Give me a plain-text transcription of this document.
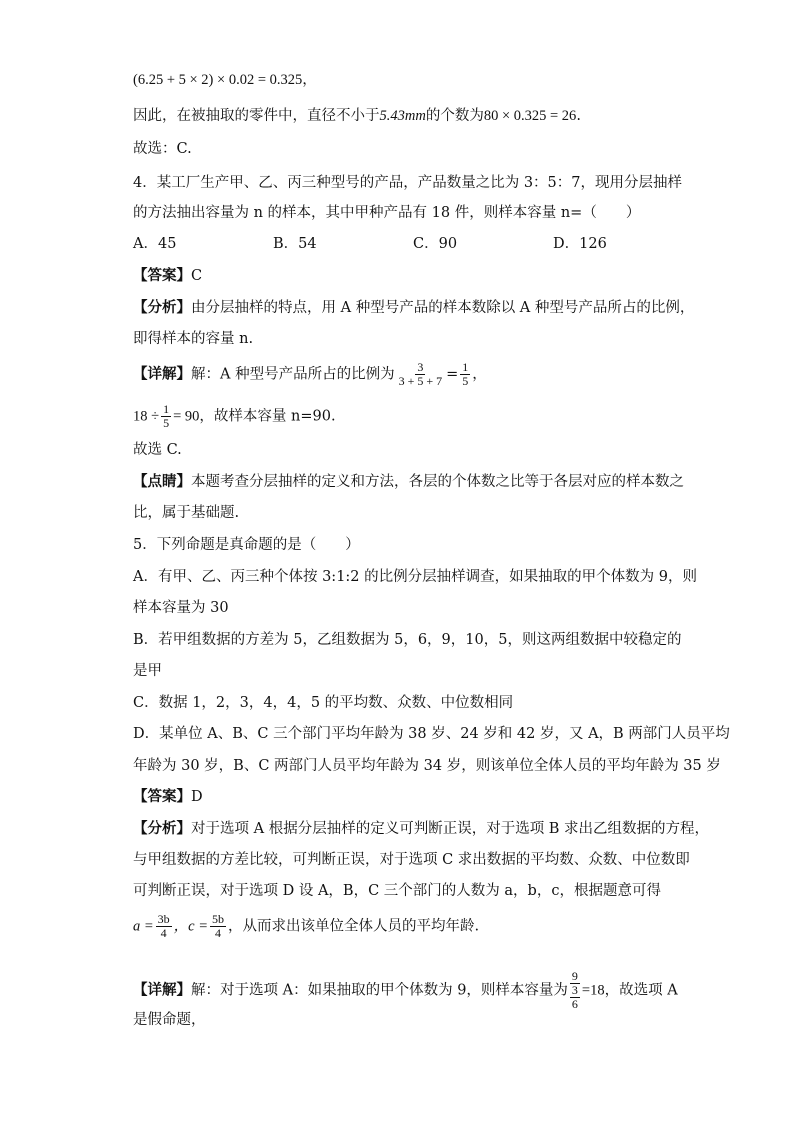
(6.25 + 5 × 2) × 0.02 = 0.325，
因此，在被抽取的零件中，直径不小于5.43mm的个数为80 × 0.325 = 26.
故选：C.
4．某工厂生产甲、乙、丙三种型号的产品，产品数量之比为 3：5：7，现用分层抽样
的方法抽出容量为 n 的样本，其中甲种产品有 18 件，则样本容量 n=（　　）
A．45	B．54	C．90	D．126
【答案】C
【分析】由分层抽样的特点，用 A 种型号产品的样本数除以 A 种型号产品所占的比例，
即得样本的容量 n.
【详解】解：A 种型号产品所占的比例为 $\frac{3}{3 + 5 + 7} = \frac{1}{5}$ ，
$18 \div \frac{1}{5} = 90$，故样本容量 n=90.
故选 C.
【点睛】本题考查分层抽样的定义和方法，各层的个体数之比等于各层对应的样本数之
比，属于基础题.
5．下列命题是真命题的是（　　）
A．有甲、乙、丙三种个体按 3:1:2 的比例分层抽样调查，如果抽取的甲个体数为 9，则
样本容量为 30
B．若甲组数据的方差为 5，乙组数据为 5，6，9，10，5，则这两组数据中较稳定的
是甲
C．数据 1，2，3，4，4，5 的平均数、众数、中位数相同
D．某单位 A、B、C 三个部门平均年龄为 38 岁、24 岁和 42 岁，又 A，B 两部门人员平均
年龄为 30 岁，B、C 两部门人员平均年龄为 34 岁，则该单位全体人员的平均年龄为 35 岁
【答案】D
【分析】对于选项 A 根据分层抽样的定义可判断正误，对于选项 B 求出乙组数据的方程，
与甲组数据的方差比较，可判断正误，对于选项 C 求出数据的平均数、众数、中位数即
可判断正误，对于选项 D 设 A，B，C 三个部门的人数为 a，b，c，根据题意可得
$a = \frac{3b}{4}$ ，$c = \frac{5b}{4}$ ，从而求出该单位全体人员的平均年龄.
【详解】解：对于选项 A：如果抽取的甲个体数为 9，则样本容量为
9
3
6
=18，故选项 A
是假命题，
